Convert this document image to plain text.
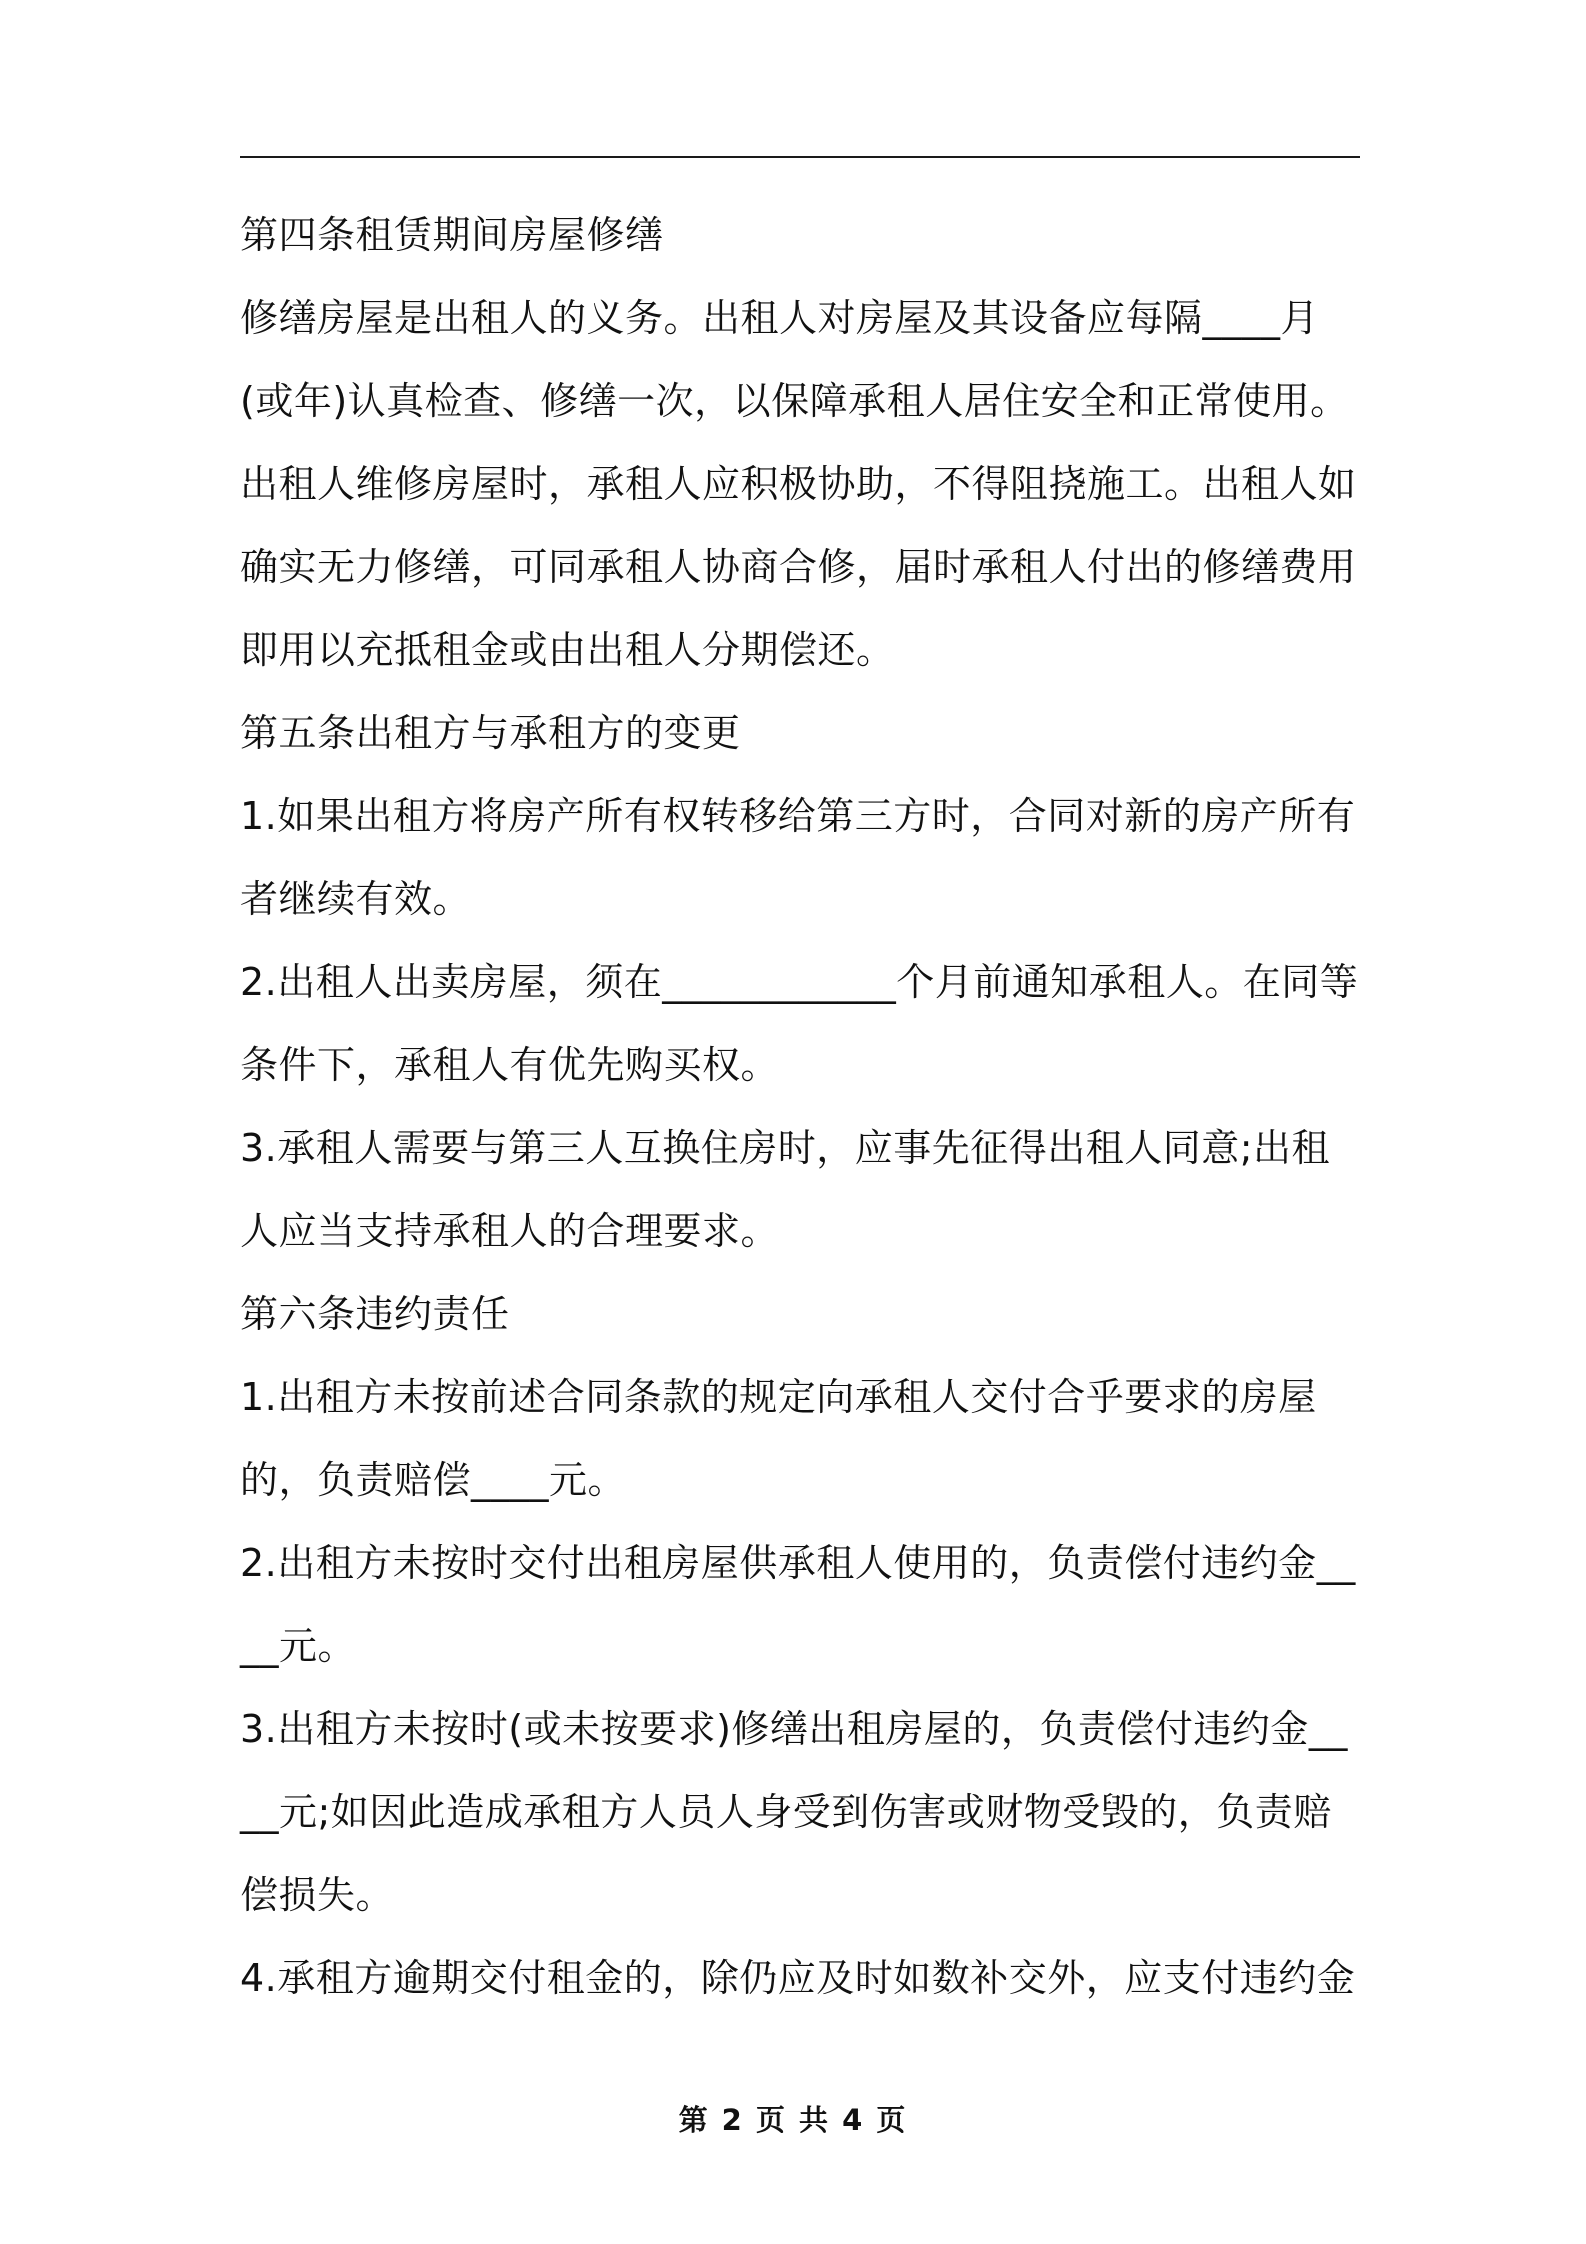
第四条租赁期间房屋修缮

修缮房屋是出租人的义务。出租人对房屋及其设备应每隔____月(或年)认真检查、修缮一次，以保障承租人居住安全和正常使用。

出租人维修房屋时，承租人应积极协助，不得阻挠施工。出租人如确实无力修缮，可同承租人协商合修，届时承租人付出的修缮费用即用以充抵租金或由出租人分期偿还。

第五条出租方与承租方的变更

1.如果出租方将房产所有权转移给第三方时，合同对新的房产所有者继续有效。

2.出租人出卖房屋，须在____________个月前通知承租人。在同等条件下，承租人有优先购买权。

3.承租人需要与第三人互换住房时，应事先征得出租人同意;出租人应当支持承租人的合理要求。

第六条违约责任

1.出租方未按前述合同条款的规定向承租人交付合乎要求的房屋的，负责赔偿____元。

2.出租方未按时交付出租房屋供承租人使用的，负责偿付违约金____元。

3.出租方未按时(或未按要求)修缮出租房屋的，负责偿付违约金____元;如因此造成承租方人员人身受到伤害或财物受毁的，负责赔偿损失。

4.承租方逾期交付租金的，除仍应及时如数补交外，应支付违约金

第 2 页 共 4 页
